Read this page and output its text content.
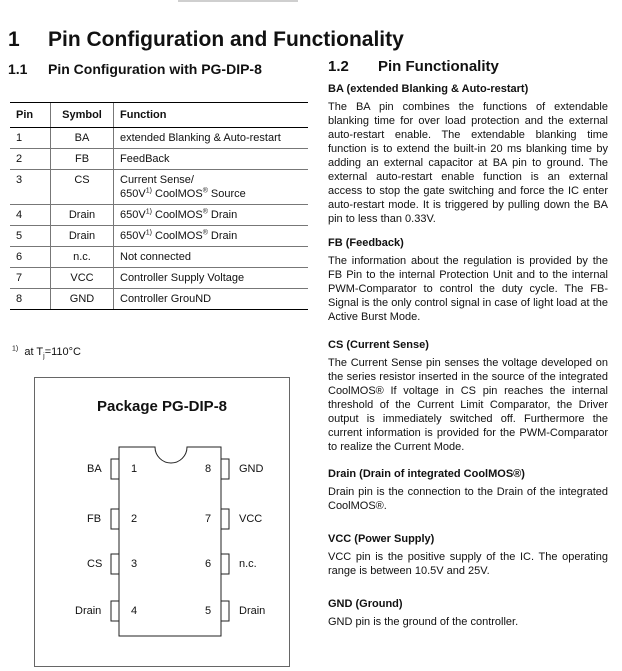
1 Pin Configuration and Functionality
1.1 Pin Configuration with PG-DIP-8
Pin	Symbol	Function
1	BA	extended Blanking & Auto-restart
2	FB	FeedBack
3	CS	Current Sense/
$650V^{1)}$ CoolMOS® Source

4	Drain	$650V^{1)}$ CoolMOS® Drain
5	Drain	$650V^{1)}$ CoolMOS® Drain
6	n.c.	Not connected
7	VCC	Controller Supply Voltage
8	GND	Controller GrouND
$^{1)}$ at $T_j=110^\circ C$
Package PG-DIP-8
BA	1
FB	2
CS	3
Drain	4
8	GND
7	VCC
6	n.c.
5	Drain
1.2 Pin Functionality
BA (extended Blanking & Auto-restart)

The BA pin combines the functions of extendable blanking time for over load protection and the external auto-restart enable. The extendable blanking time function is to extend the built-in 20 ms blanking time by adding an external capacitor at BA pin to ground. The external auto-restart enable function is an external access to stop the gate switching and force the IC enter auto-restart mode. It is triggered by pulling down the BA pin to less than 0.33V.

FB (Feedback)

The information about the regulation is provided by the FB Pin to the internal Protection Unit and to the internal PWM-Comparator to control the duty cycle. The FB-Signal is the only control signal in case of light load at the Active Burst Mode.

CS (Current Sense)

The Current Sense pin senses the voltage developed on the series resistor inserted in the source of the integrated CoolMOS® If voltage in CS pin reaches the internal threshold of the Current Limit Comparator, the Driver output is immediately switched off. Furthermore the current information is provided for the PWM-Comparator to realize the Current Mode.

Drain (Drain of integrated CoolMOS®)

Drain pin is the connection to the Drain of the integrated CoolMOS®.

VCC (Power Supply)

VCC pin is the positive supply of the IC. The operating range is between 10.5V and 25V.

GND (Ground)

GND pin is the ground of the controller.
